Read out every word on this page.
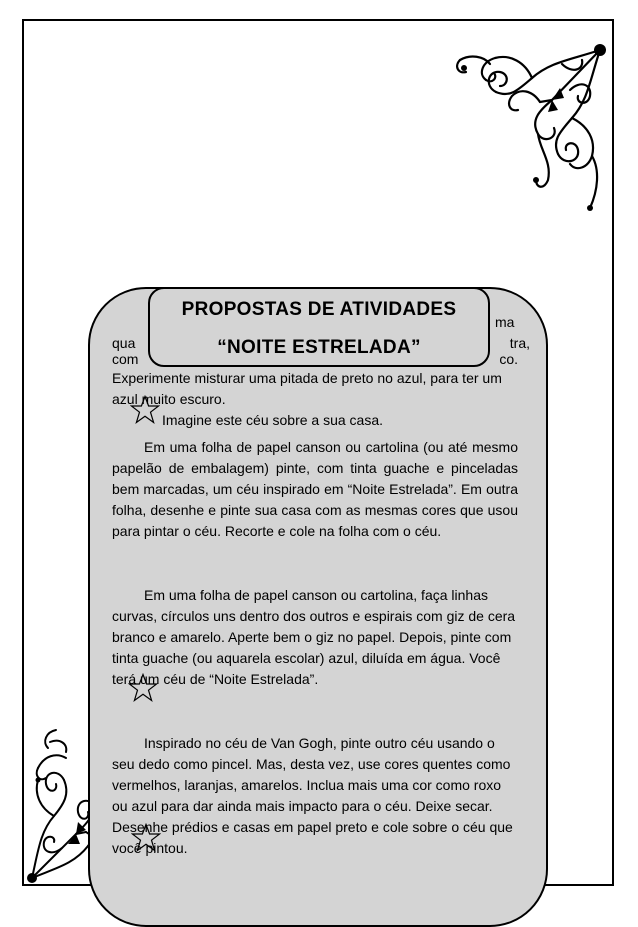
ma

qua	tra,

com	co.

PROPOSTAS DE ATIVIDADES

“NOITE ESTRELADA”

Experimente misturar uma pitada de preto no azul, para ter um azul muito escuro.

Imagine este céu sobre a sua casa.

Em uma folha de papel canson ou cartolina (ou até mesmo papelão de embalagem) pinte, com tinta guache e pinceladas bem marcadas, um céu inspirado em “Noite Estrelada”. Em outra folha, desenhe e pinte sua casa com as mesmas cores que usou para pintar o céu. Recorte e cole na folha com o céu.

Em uma folha de papel canson ou cartolina, faça linhas curvas, círculos uns dentro dos outros e espirais com giz de cera branco e amarelo. Aperte bem o giz no papel. Depois, pinte com tinta guache (ou aquarela escolar) azul, diluída em água. Você terá um céu de “Noite Estrelada”.

Inspirado no céu de Van Gogh, pinte outro céu usando o seu dedo como pincel. Mas, desta vez, use cores quentes como vermelhos, laranjas, amarelos. Inclua mais uma cor como roxo ou azul para dar ainda mais impacto para o céu. Deixe secar. Desenhe prédios e casas em papel preto e cole sobre o céu que você pintou.
